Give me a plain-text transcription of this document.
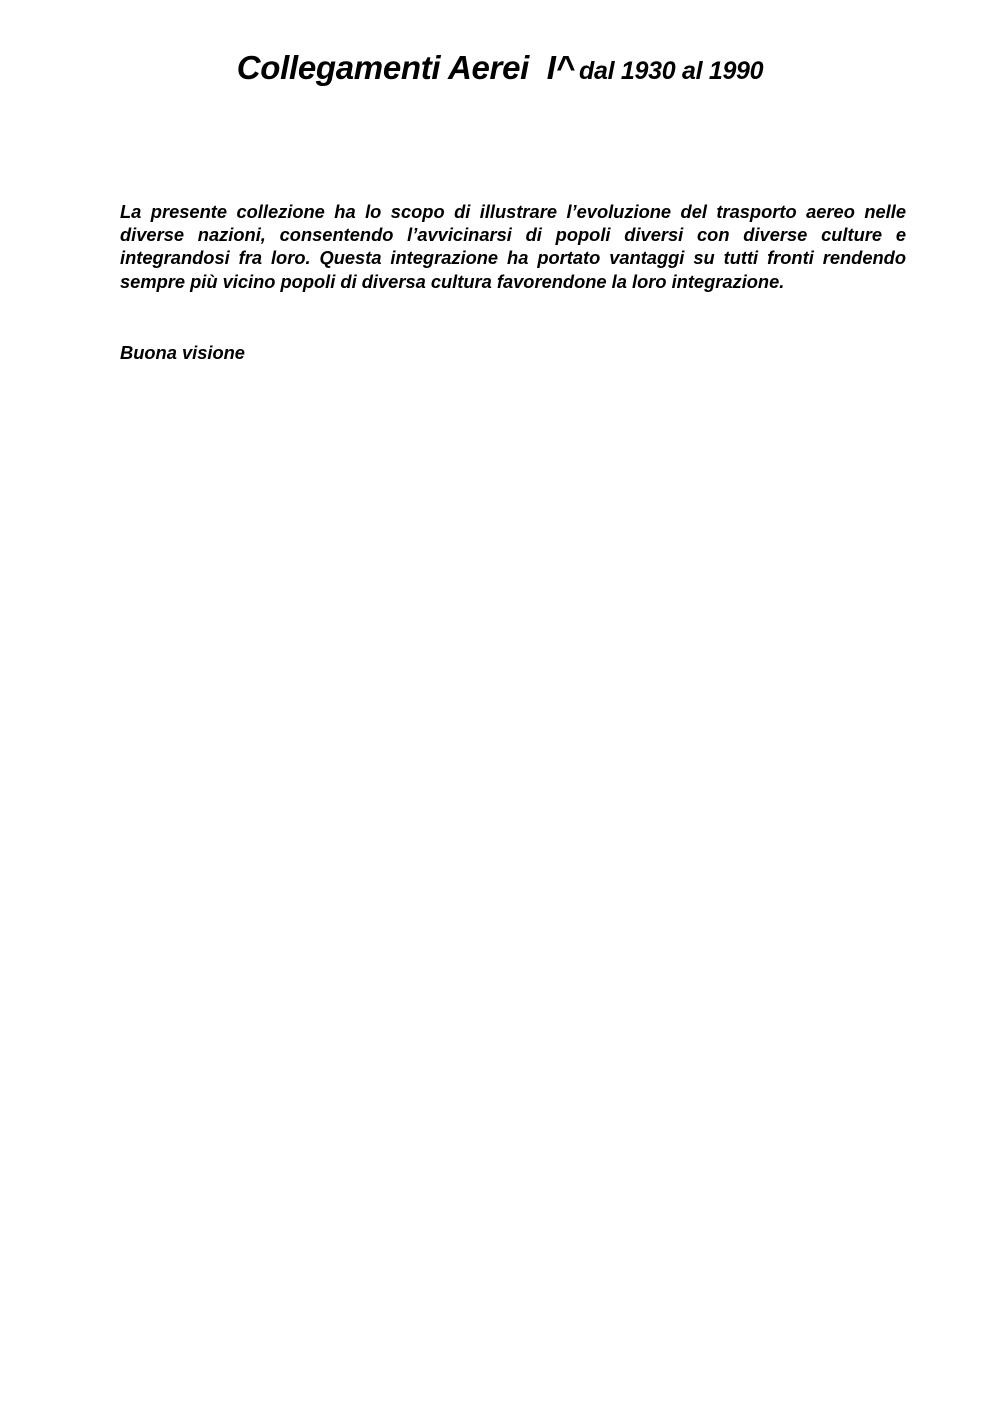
Collegamenti Aerei  I^ dal 1930 al 1990

La presente collezione ha lo scopo di illustrare l’evoluzione del trasporto aereo nelle diverse nazioni, consentendo l’avvicinarsi di popoli diversi con diverse culture e integrandosi fra loro. Questa integrazione ha portato vantaggi su tutti fronti rendendo sempre più vicino popoli di diversa cultura favorendone la loro integrazione.

Buona visione
